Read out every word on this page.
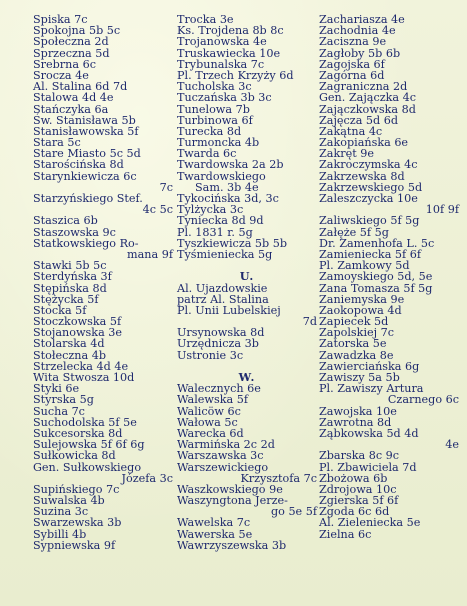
Spiska 7c
Spokojna 5b 5c
Społeczna 2d
Sprzeczna 5d
Srebrna 6c
Srocza 4e
Al. Stalina 6d 7d
Stalowa 4d 4e
Stańczyka 6a
Św. Stanisława 5b
Stanisławowska 5f
Stara 5c
Stare Miasto 5c 5d
Starościńska 8d
Starynkiewicza 6c
7c
Starzyńskiego Stef.
4c 5c
Staszica 6b
Staszowska 9c
Statkowskiego Ro-
mana 9f
Stawki 5b 5c
Sterdyńska 3f
Stępińska 8d
Stężycka 5f
Stocka 5f
Stoczkowska 5f
Stojanowska 3e
Stolarska 4d
Stołeczna 4b
Strzelecka 4d 4e
Wita Stwosza 10d
Styki 6e
Styrska 5g
Sucha 7c
Suchodolska 5f 5e
Sukcesorska 8d
Sulejowska 5f 6f 6g
Sułkowicka 8d
Gen. Sułkowskiego
Józefa 3c
Supińskiego 7c
Suwalska 4b
Suzina 3c
Swarzewska 3b
Sybilli 4b
Sypniewska 9f
Trocka 3e
Ks. Trojdena 8b 8c
Trojanowska 4e
Truskawiecka 10e
Trybunalska 7c
Pl. Trzech Krzyży 6d
Tucholska 3c
Tuczańska 3b 3c
Tunelowa 7b
Turbinowa 6f
Turecka 8d
Turmoncka 4b
Twarda 6c
Twardowska 2a 2b
Twardowskiego
Sam. 3b 4e
Tykocińska 3d, 3c
Tylżycka 3c
Tyniecka 8d 9d
Pl. 1831 r. 5g
Tyszkiewicza 5b 5b
Tyśmieniecka 5g
U.
Al. Ujazdowskie
patrz Al. Stalina
Pl. Unii Lubelskiej
7d
Ursynowska 8d
Urzędnicza 3b
Ustronie 3c
W.
Walecznych 6e
Walewska 5f
Walicöw 6c
Wałowa 5c
Warecka 6d
Warmińska 2c 2d
Warszawska 3c
Warszewickiego
Krzysztofa 7c
Waszkowskiego 9e
Waszyngtona Jerze-
go 5e 5f
Wawelska 7c
Wawerska 5e
Wawrzyszewska 3b
Zachariasza 4e
Zachodnia 4e
Zaciszna 9e
Zagłoby 5b 6b
Zagojska 6f
Zagórna 6d
Zagraniczna 2d
Gen. Zajączka 4c
Zajączkowska 8d
Zajęcza 5d 6d
Zakątna 4c
Zakopiańska 6e
Zakręt 9e
Zakroczymska 4c
Zakrzewska 8d
Zakrzewskiego 5d
Zaleszczycka 10e
10f 9f
Zaliwskiego 5f 5g
Załęże 5f 5g
Dr. Zamenhofa L. 5c
Zamieniecka 5f 6f
Pl. Zamkowy 5d
Zamoyskiego 5d, 5e
Zana Tomasza 5f 5g
Zaniemyska 9e
Zaokopowa 4d
Zapiecek 5d
Zapolskiej 7c
Zatorska 5e
Zawadzka 8e
Zawierciańska 6g
Zawiszy 5a 5b
Pl. Zawiszy Artura
Czarnego 6c
Zawojska 10e
Zawrotna 8d
Ząbkowska 5d 4d
4e
Zbarska 8c 9c
Pl. Zbawiciela 7d
Zbożowa 6b
Zdrojowa 10c
Zgierska 5f 6f
Zgoda 6c 6d
Al. Zielenieckа 5e
Zielna 6c
